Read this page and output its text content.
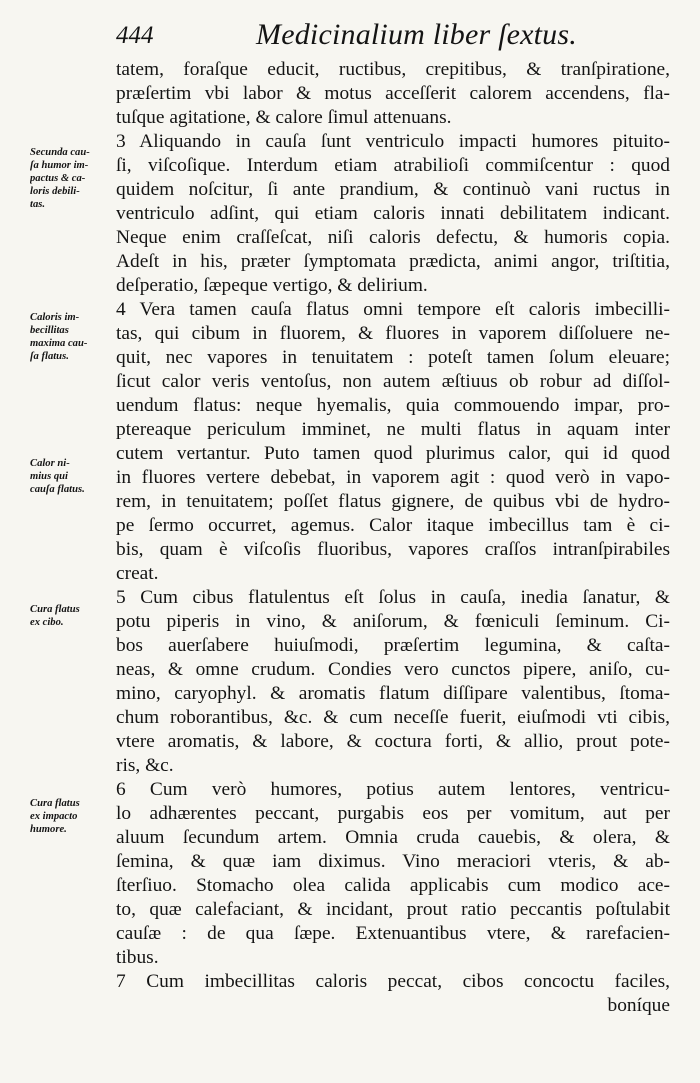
444	Medicinalium liber ſextus.
Secunda cau-
ſa humor im-
pactus & ca-
loris debili-
tas.
Caloris im-
becillitas
maxima cau-
ſa flatus.
Calor ni-
mius qui
cauſa flatus.
Cura flatus
ex cibo.
Cura flatus
ex impacto
humore.
tatem, foraſque educit, ructibus, crepitibus, & tranſpiratione,
præſertim vbi labor & motus acceſſerit calorem accendens, fla-
tuſque agitatione, & calore ſimul attenuans.
3 Aliquando in cauſa ſunt ventriculo impacti humores pituito-
ſi, viſcoſique. Interdum etiam atrabilioſi commiſcentur : quod
quidem noſcitur, ſi ante prandium, & continuò vani ructus in
ventriculo adſint, qui etiam caloris innati debilitatem indicant.
Neque enim craſſeſcat, niſi caloris defectu, & humoris copia.
Adeſt in his, præter ſymptomata prædicta, animi angor, triſtitia,
deſperatio, ſæpeque vertigo, & delirium.
4 Vera tamen cauſa flatus omni tempore eſt caloris imbecilli-
tas, qui cibum in fluorem, & fluores in vaporem diſſoluere ne-
quit, nec vapores in tenuitatem : poteſt tamen ſolum eleuare;
ſicut calor veris ventoſus, non autem æſtiuus ob robur ad diſſol-
uendum flatus: neque hyemalis, quia commouendo impar, pro-
ptereaque periculum imminet, ne multi flatus in aquam inter
cutem vertantur. Puto tamen quod plurimus calor, qui id quod
in fluores vertere debebat, in vaporem agit : quod verò in vapo-
rem, in tenuitatem; poſſet flatus gignere, de quibus vbi de hydro-
pe ſermo occurret, agemus. Calor itaque imbecillus tam è ci-
bis, quam è viſcoſis fluoribus, vapores craſſos intranſpirabiles
creat.
5 Cum cibus flatulentus eſt ſolus in cauſa, inedia ſanatur, &
potu piperis in vino, & aniſorum, & fœniculi ſeminum. Ci-
bos auerſabere huiuſmodi, præſertim legumina, & caſta-
neas, & omne crudum. Condies vero cunctos pipere, aniſo, cu-
mino, caryophyl. & aromatis flatum diſſipare valentibus, ſtoma-
chum roborantibus, &c. & cum neceſſe fuerit, eiuſmodi vti cibis,
vtere aromatis, & labore, & coctura forti, & allio, prout pote-
ris, &c.
6 Cum verò humores, potius autem lentores, ventricu-
lo adhærentes peccant, purgabis eos per vomitum, aut per
aluum ſecundum artem. Omnia cruda cauebis, & olera, &
ſemina, & quæ iam diximus. Vino meraciori vteris, & ab-
ſterſiuo. Stomacho olea calida applicabis cum modico ace-
to, quæ calefaciant, & incidant, prout ratio peccantis poſtulabit
cauſæ : de qua ſæpe. Extenuantibus vtere, & rarefacien-
tibus.
7 Cum imbecillitas caloris peccat, cibos concoctu faciles,
boníque
